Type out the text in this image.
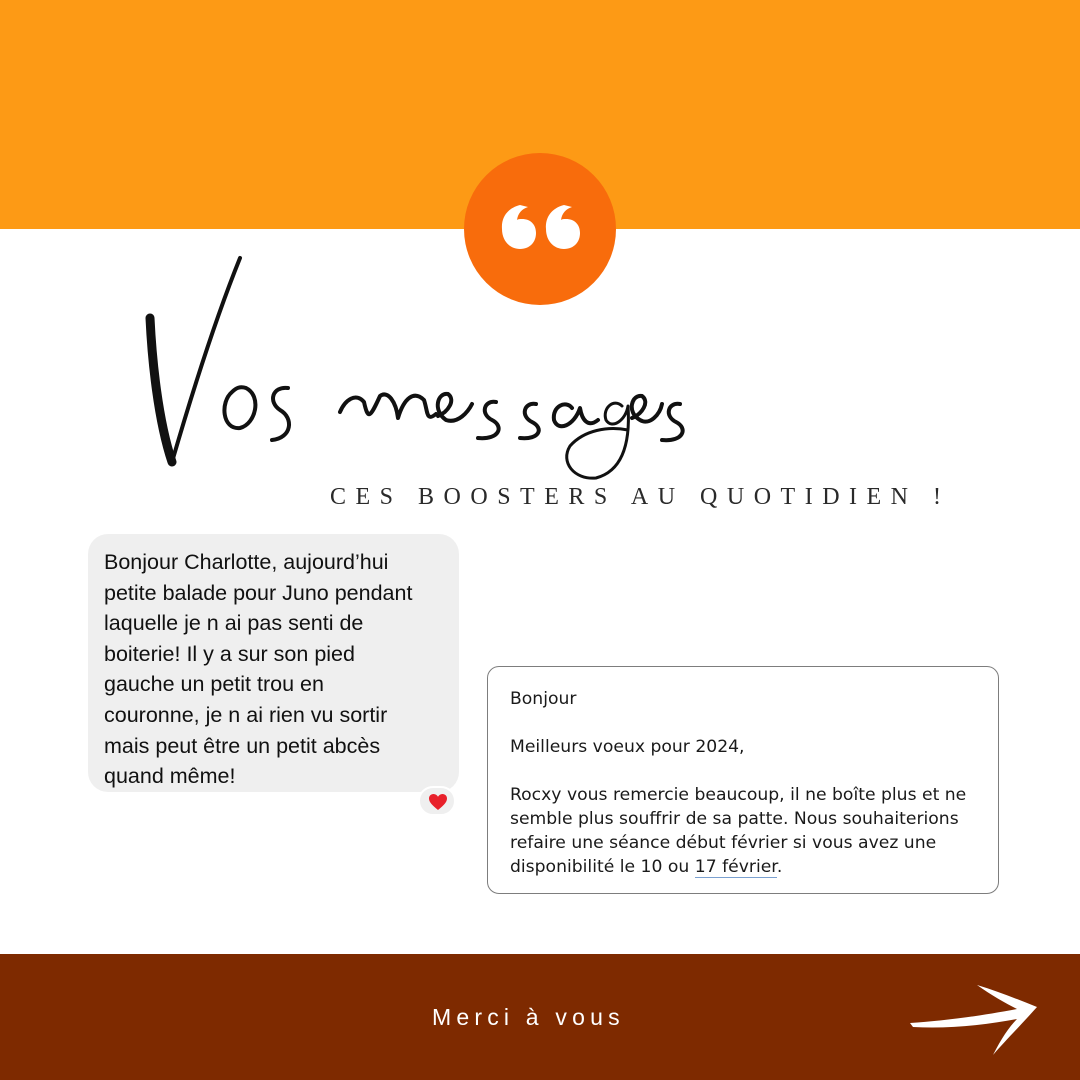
Vos messages
CES BOOSTERS AU QUOTIDIEN !
Bonjour Charlotte, aujourd’hui
petite balade pour Juno pendant
laquelle je n ai pas senti de
boiterie! Il y a sur son pied
gauche un petit trou en
couronne, je n ai rien vu sortir
mais peut être un petit abcès
quand même!

Bonjour

Meilleurs voeux pour 2024,

Rocxy vous remercie beaucoup, il ne boîte plus et ne semble plus souffrir de sa patte. Nous souhaiterions refaire une séance début février si vous avez une disponibilité le 10 ou 17 février.

Merci à vous
